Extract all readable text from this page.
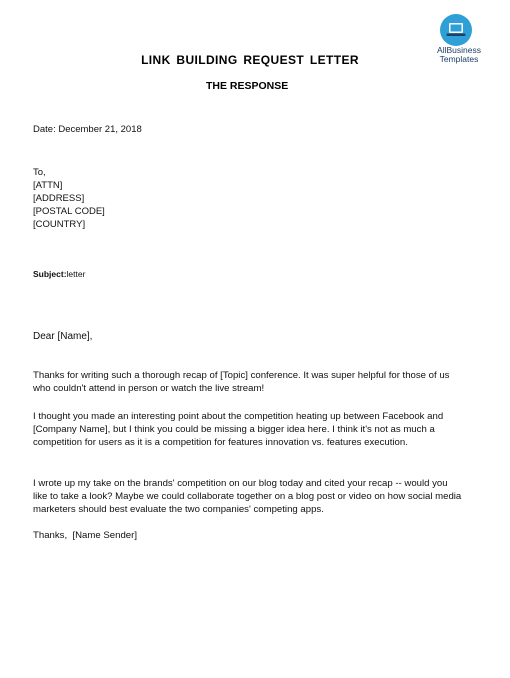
AllBusiness
Templates
LINK BUILDING REQUEST LETTER
THE RESPONSE
Date: December 21, 2018
To,
[ATTN]
[ADDRESS]
[POSTAL CODE]
[COUNTRY]
Subject:letter
Dear [Name],

Thanks for writing such a thorough recap of [Topic] conference. It was super helpful for those of us who couldn't attend in person or watch the live stream!

I thought you made an interesting point about the competition heating up between Facebook and [Company Name], but I think you could be missing a bigger idea here. I think it's not as much a competition for users as it is a competition for features innovation vs. features execution.

I wrote up my take on the brands' competition on our blog today and cited your recap -- would you like to take a look? Maybe we could collaborate together on a blog post or video on how social media marketers should best evaluate the two companies' competing apps.

Thanks,  [Name Sender]
